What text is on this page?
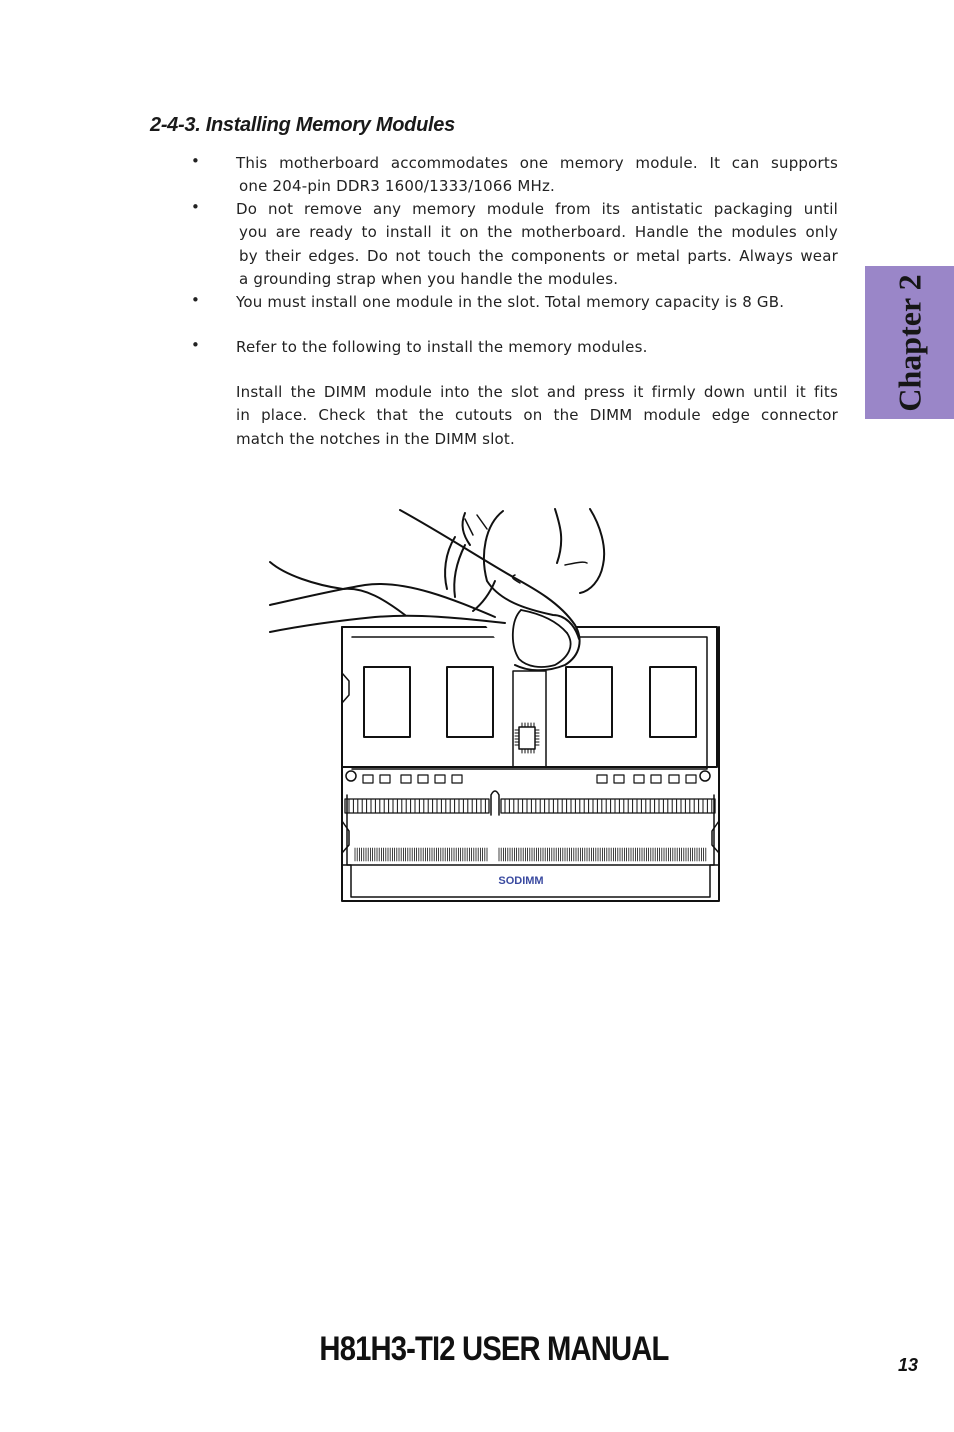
2-4-3. Installing Memory Modules
• This motherboard accommodates one memory module. It can supports
one 204-pin DDR3 1600/1333/1066 MHz.
• Do not remove any memory module from its antistatic packaging until
you are ready to install it on the motherboard. Handle the modules only
by their edges. Do not touch the components or metal parts. Always wear
a grounding strap when you handle the modules.
• You must install one module in the slot. Total memory capacity is 8 GB.
• Refer to the following to install the memory modules.
Install the DIMM module into the slot and press it firmly down until it fits
in place. Check that the cutouts on the DIMM module edge connector
match the notches in the DIMM slot.
Chapter 2
SODIMM
H81H3-TI2 USER MANUAL	13
